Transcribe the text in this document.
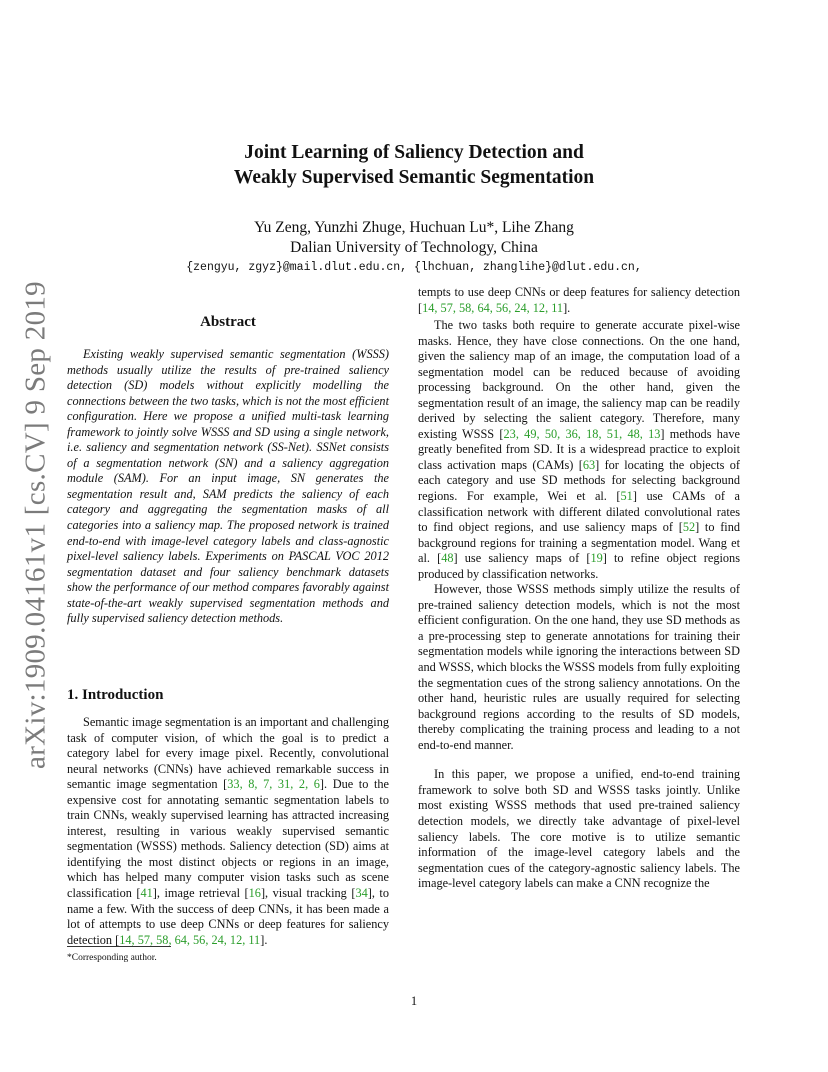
arXiv:1909.04161v1 [cs.CV] 9 Sep 2019
Joint Learning of Saliency Detection and
Weakly Supervised Semantic Segmentation
Yu Zeng, Yunzhi Zhuge, Huchuan Lu*, Lihe Zhang
Dalian University of Technology, China
{zengyu, zgyz}@mail.dlut.edu.cn, {lhchuan, zhanglihe}@dlut.edu.cn,
Abstract

Existing weakly supervised semantic segmentation (WSSS) methods usually utilize the results of pre-trained saliency detection (SD) models without explicitly modelling the connections between the two tasks, which is not the most efficient configuration. Here we propose a unified multi-task learning framework to jointly solve WSSS and SD using a single network, i.e. saliency and segmentation network (SS-Net). SSNet consists of a segmentation network (SN) and a saliency aggregation module (SAM). For an input image, SN generates the segmentation result and, SAM predicts the saliency of each category and aggregating the segmentation masks of all categories into a saliency map. The proposed network is trained end-to-end with image-level category labels and class-agnostic pixel-level saliency labels. Experiments on PASCAL VOC 2012 segmentation dataset and four saliency benchmark datasets show the performance of our method compares favorably against state-of-the-art weakly supervised segmentation methods and fully supervised saliency detection methods.

1. Introduction

Semantic image segmentation is an important and challenging task of computer vision, of which the goal is to predict a category label for every image pixel. Recently, convolutional neural networks (CNNs) have achieved remarkable success in semantic image segmentation [33, 8, 7, 31, 2, 6]. Due to the expensive cost for annotating semantic segmentation labels to train CNNs, weakly supervised learning has attracted increasing interest, resulting in various weakly supervised semantic segmentation (WSSS) methods. Saliency detection (SD) aims at identifying the most distinct objects or regions in an image, which has helped many computer vision tasks such as scene classification [41], image retrieval [16], visual tracking [34], to name a few. With the success of deep CNNs, it has been made a lot of attempts to use deep CNNs or deep features for saliency detection [14, 57, 58, 64, 56, 24, 12, 11].

tempts to use deep CNNs or deep features for saliency detection [14, 57, 58, 64, 56, 24, 12, 11].

The two tasks both require to generate accurate pixel-wise masks. Hence, they have close connections. On the one hand, given the saliency map of an image, the computation load of a segmentation model can be reduced because of avoiding processing background. On the other hand, given the segmentation result of an image, the saliency map can be readily derived by selecting the salient category. Therefore, many existing WSSS [23, 49, 50, 36, 18, 51, 48, 13] methods have greatly benefited from SD. It is a widespread practice to exploit class activation maps (CAMs) [63] for locating the objects of each category and use SD methods for selecting background regions. For example, Wei et al. [51] use CAMs of a classification network with different dilated convolutional rates to find object regions, and use saliency maps of [52] to find background regions for training a segmentation model. Wang et al. [48] use saliency maps of [19] to refine object regions produced by classification networks.

However, those WSSS methods simply utilize the results of pre-trained saliency detection models, which is not the most efficient configuration. On the one hand, they use SD methods as a pre-processing step to generate annotations for training their segmentation models while ignoring the interactions between SD and WSSS, which blocks the WSSS models from fully exploiting the segmentation cues of the strong saliency annotations. On the other hand, heuristic rules are usually required for selecting background regions according to the results of SD models, thereby complicating the training process and leading to a not end-to-end manner.

In this paper, we propose a unified, end-to-end training framework to solve both SD and WSSS tasks jointly. Unlike most existing WSSS methods that used pre-trained saliency detection models, we directly take advantage of pixel-level saliency labels. The core motive is to utilize semantic information of the image-level category labels and the segmentation cues of the category-agnostic saliency labels. The image-level category labels can make a CNN recognize the

*Corresponding author.
1
